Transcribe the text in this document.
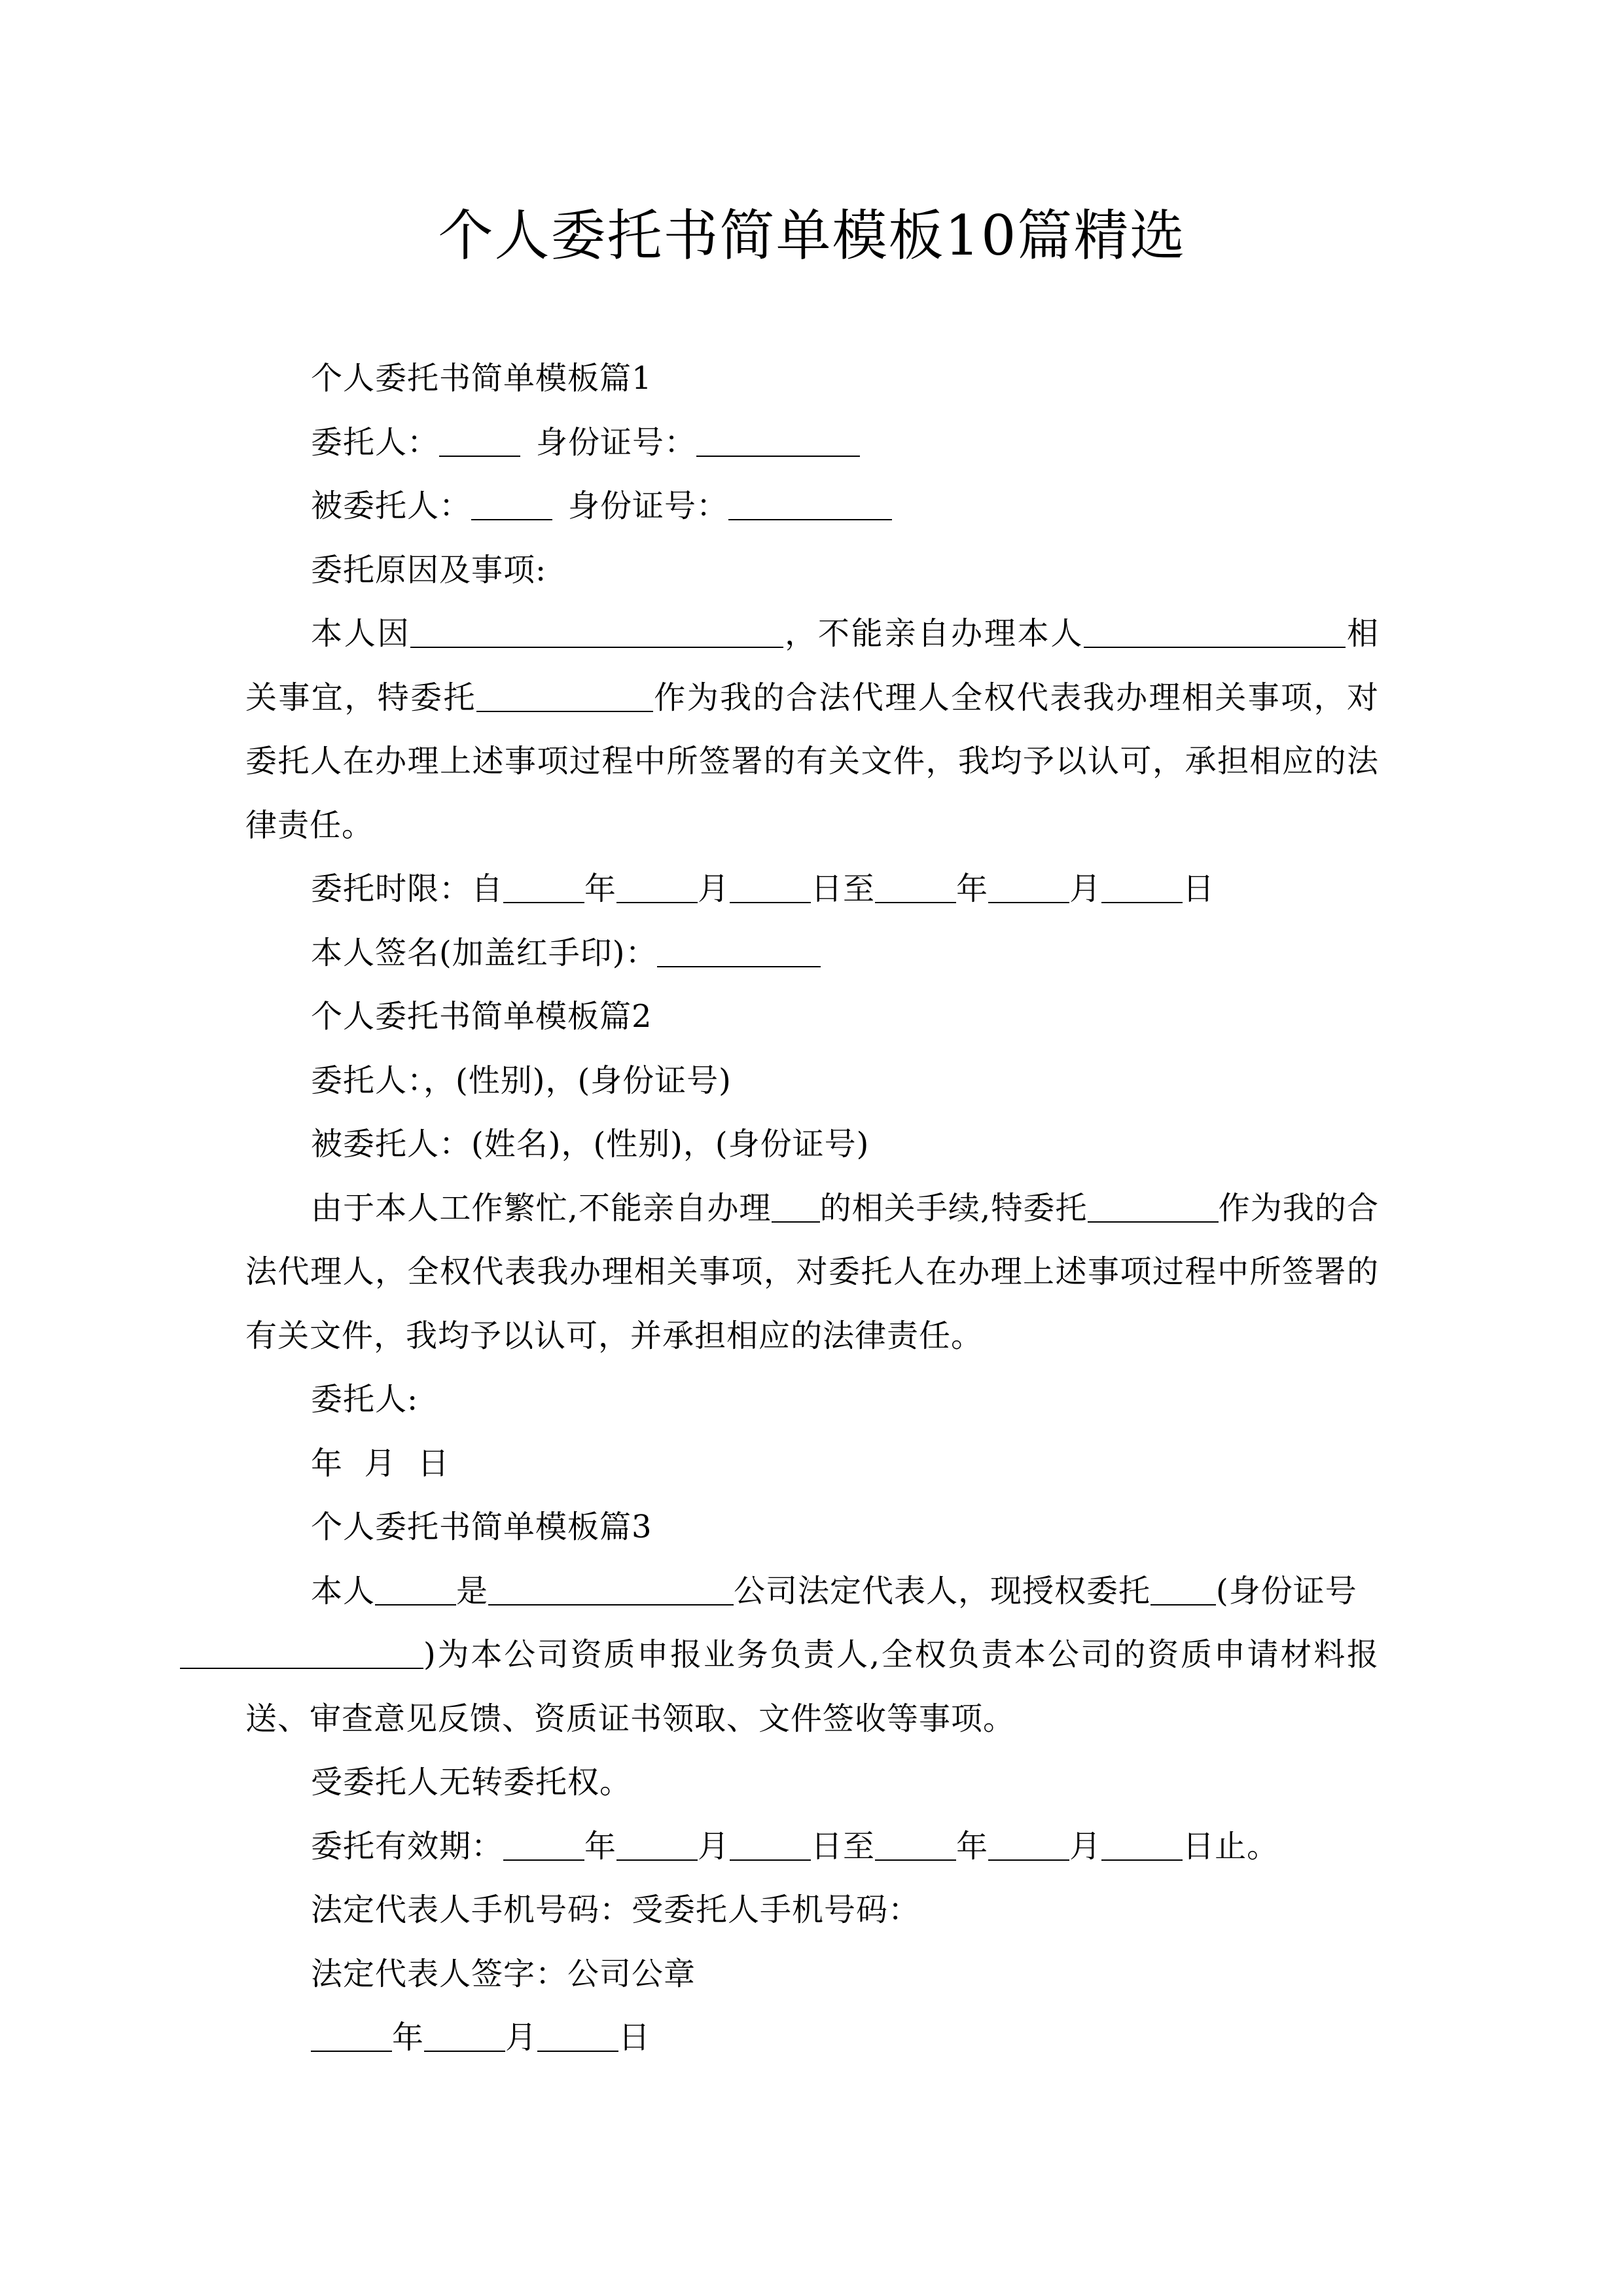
个人委托书简单模板10篇精选

个人委托书简单模板篇1

委托人：	身份证号：

被委托人：	身份证号：

委托原因及事项:

本人因	，不能亲自办理本人	相关事宜，特委托	作为我的合法代理人全权代表我办理相关事项，对委托人在办理上述事项过程中所签署的有关文件，我均予以认可，承担相应的法律责任。

委托时限：自	年	月	日至	年	月	日

本人签名(加盖红手印)：

个人委托书简单模板篇2

委托人：，(性别)，(身份证号)

被委托人：(姓名)，(性别)，(身份证号)

由于本人工作繁忙,不能亲自办理 的相关手续,特委托	作为我的合法代理人，全权代表我办理相关事项，对委托人在办理上述事项过程中所签署的有关文件，我均予以认可，并承担相应的法律责任。

委托人:

年  月  日

个人委托书简单模板篇3

本人	是	公司法定代表人，现授权委托 (身份证号
)为本公司资质申报业务负责人,全权负责本公司的资质申请材料报送、审查意见反馈、资质证书领取、文件签收等事项。

受委托人无转委托权。

委托有效期：	年	月	日至	年	月	日止。

法定代表人手机号码：受委托人手机号码：

法定代表人签字：公司公章

年	月	日
